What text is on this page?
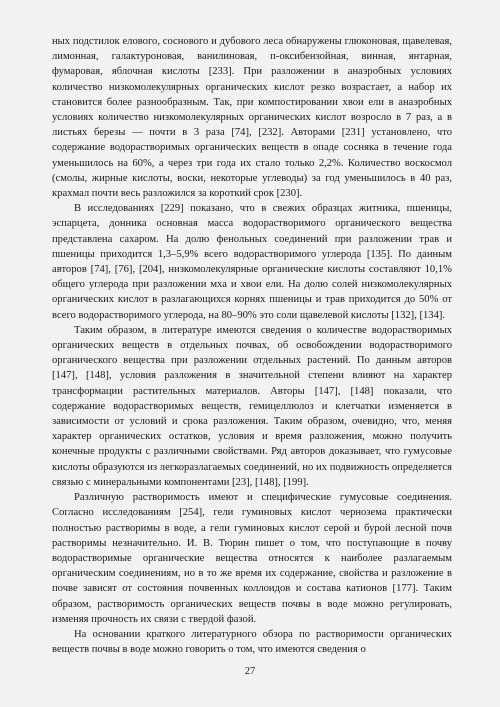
ных подстилок елового, соснового и дубового леса обнаружены глюконовая, щавелевая, лимонная, галактуроновая, ванилиновая, п-оксибензойная, винная, янтарная, фумаровая, яблочная кислоты [233]. При разложении в анаэробных условиях количество низкомолекулярных органических кислот резко возрастает, а набор их становится более разнообразным. Так, при компостировании хвои ели в анаэробных условиях количество низкомолекулярных органических кислот возросло в 7 раз, а в листьях березы — почти в 3 раза [74], [232]. Авторами [231] установлено, что содержание водорастворимых органических веществ в опаде сосняка в течение года уменьшилось на 60%, а через три года их стало только 2,2%. Количество воскосмол (смолы, жирные кислоты, воски, некоторые углеводы) за год уменьшилось в 40 раз, крахмал почти весь разложился за короткий срок [230].

В исследованиях [229] показано, что в свежих образцах житника, пшеницы, эспарцета, донника основная масса водорастворимого органического вещества представлена сахаром. На долю фенольных соединений при разложении трав и пшеницы приходится 1,3–5,9% всего водорастворимого углерода [135]. По данным авторов [74], [76], [204], низкомолекулярные органические кислоты составляют 10,1% общего углерода при разложении мха и хвои ели. На долю солей низкомолекулярных органических кислот в разлагающихся корнях пшеницы и трав приходится до 50% от всего водорастворимого углерода, на 80–90% это соли щавелевой кислоты [132], [134].

Таким образом, в литературе имеются сведения о количестве водорастворимых органических веществ в отдельных почвах, об освобождении водорастворимого органического вещества при разложении отдельных растений. По данным авторов [147], [148], условия разложения в значительной степени влияют на характер трансформации растительных материалов. Авторы [147], [148] показали, что содержание водорастворимых веществ, гемицеллюлоз и клетчатки изменяется в зависимости от условий и срока разложения. Таким образом, очевидно, что, меняя характер органических остатков, условия и время разложения, можно получить конечные продукты с различными свойствами. Ряд авторов доказывает, что гумусовые кислоты образуются из легкоразлагаемых соединений, но их подвижность определяется связью с минеральными компонентами [23], [148], [199].

Различную растворимость имеют и специфические гумусовые соединения. Согласно исследованиям [254], гели гуминовых кислот чернозема практически полностью растворимы в воде, а гели гуминовых кислот серой и бурой лесной почв растворимы незначительно. И. В. Тюрин пишет о том, что поступающие в почву водорастворимые органические вещества относятся к наиболее разлагаемым органическим соединениям, но в то же время их содержание, свойства и разложение в почве зависят от состояния почвенных коллоидов и состава катионов [177]. Таким образом, растворимость органических веществ почвы в воде можно регулировать, изменяя прочность их связи с твердой фазой.

На основании краткого литературного обзора по растворимости органических веществ почвы в воде можно говорить о том, что имеются сведения о

27
